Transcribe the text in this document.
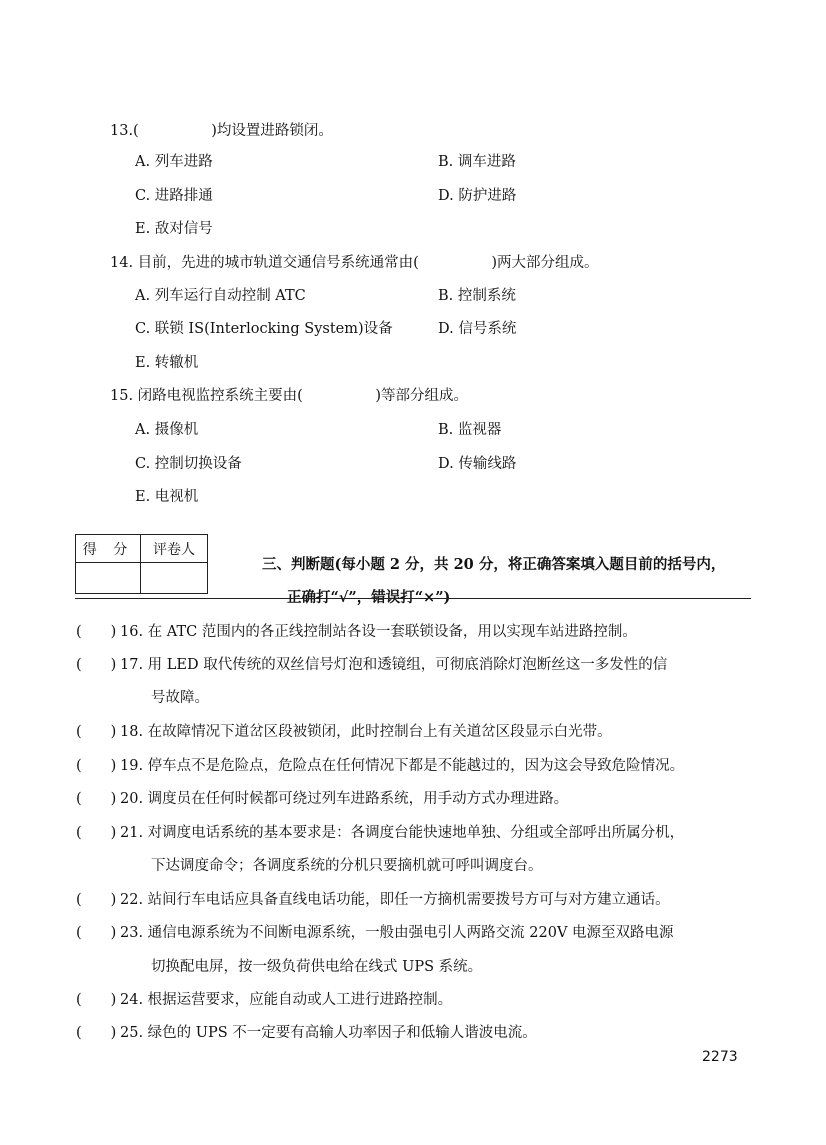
13.(　　　　　)均设置进路锁闭。
A. 列车进路	B. 调车进路
C. 进路排通	D. 防护进路
E. 敌对信号
14. 目前，先进的城市轨道交通信号系统通常由(　　　　　)两大部分组成。
A. 列车运行自动控制 ATC	B. 控制系统
C. 联锁 IS(Interlocking System)设备	D. 信号系统
E. 转辙机
15. 闭路电视监控系统主要由(　　　　　)等部分组成。
A. 摄像机	B. 监视器
C. 控制切换设备	D. 传输线路
E. 电视机
得 分	评卷人

三、判断题(每小题 2 分，共 20 分，将正确答案填入题目前的括号内，
正确打“√”，错误打“×”)
(　　) 16. 在 ATC 范围内的各正线控制站各设一套联锁设备，用以实现车站进路控制。
(　　) 17. 用 LED 取代传统的双丝信号灯泡和透镜组，可彻底消除灯泡断丝这一多发性的信
号故障。
(　　) 18. 在故障情况下道岔区段被锁闭，此时控制台上有关道岔区段显示白光带。
(　　) 19. 停车点不是危险点，危险点在任何情况下都是不能越过的，因为这会导致危险情况。
(　　) 20. 调度员在任何时候都可绕过列车进路系统，用手动方式办理进路。
(　　) 21. 对调度电话系统的基本要求是：各调度台能快速地单独、分组或全部呼出所属分机，
下达调度命令；各调度系统的分机只要摘机就可呼叫调度台。
(　　) 22. 站间行车电话应具备直线电话功能，即任一方摘机需要拨号方可与对方建立通话。
(　　) 23. 通信电源系统为不间断电源系统，一般由强电引人两路交流 220V 电源至双路电源
切换配电屏，按一级负荷供电给在线式 UPS 系统。
(　　) 24. 根据运营要求，应能自动或人工进行进路控制。
(　　) 25. 绿色的 UPS 不一定要有高输人功率因子和低输人谐波电流。
2273
